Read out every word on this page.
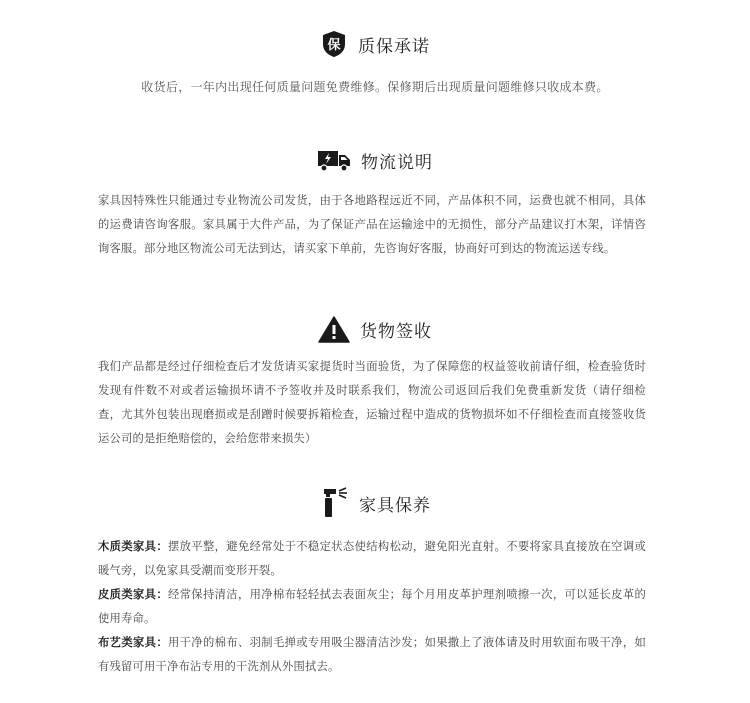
保 质保承诺
收货后，一年内出现任何质量问题免费维修。保修期后出现质量问题维修只收成本费。
物流说明
家具因特殊性只能通过专业物流公司发货，由于各地路程远近不同，产品体积不同，运费也就不相同，具体的运费请咨询客服。家具属于大件产品，为了保证产品在运输途中的无损性，部分产品建议打木架，详情咨询客服。部分地区物流公司无法到达，请买家下单前，先咨询好客服，协商好可到达的物流运送专线。
货物签收
我们产品都是经过仔细检查后才发货请买家提货时当面验货，为了保障您的权益签收前请仔细，检查验货时发现有件数不对或者运输损坏请不予签收并及时联系我们，物流公司返回后我们免费重新发货（请仔细检查，尤其外包装出现磨损或是刮蹭时候要拆箱检查，运输过程中造成的货物损坏如不仔细检查而直接签收货运公司的是拒绝赔偿的，会给您带来损失）
家具保养

木质类家具：摆放平整，避免经常处于不稳定状态使结构松动，避免阳光直射。不要将家具直接放在空调或暖气旁，以免家具受潮而变形开裂。

皮质类家具：经常保持清洁，用净棉布轻轻拭去表面灰尘；每个月用皮革护理剂喷擦一次，可以延长皮革的使用寿命。

布艺类家具：用干净的棉布、羽制毛掸或专用吸尘器清洁沙发；如果撒上了液体请及时用软面布吸干净，如有残留可用干净布沾专用的干洗剂从外围拭去。
